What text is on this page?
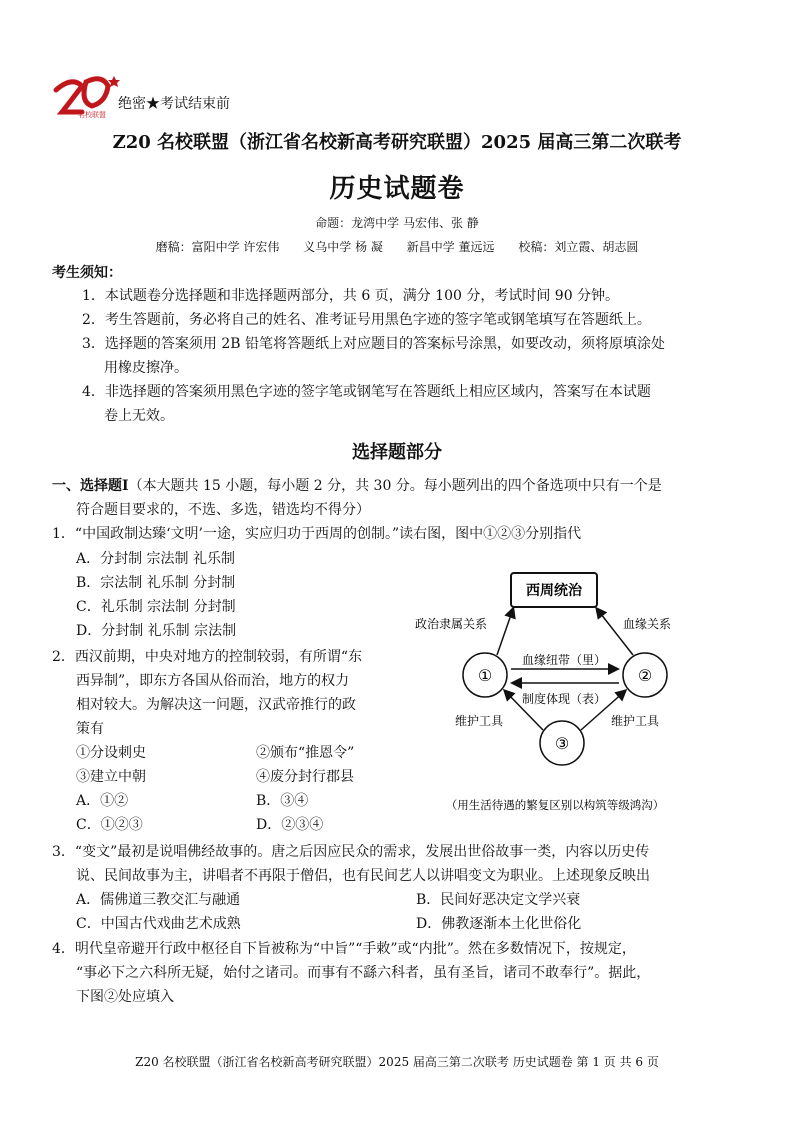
名校联盟
绝密★考试结束前
Z20 名校联盟（浙江省名校新高考研究联盟）2025 届高三第二次联考
历史试题卷
命题：龙湾中学 马宏伟、张 静
磨稿：富阳中学 许宏伟 义乌中学 杨 凝 新昌中学 董远远 校稿：刘立霞、胡志圆
考生须知：
1．本试题卷分选择题和非选择题两部分，共 6 页，满分 100 分，考试时间 90 分钟。
2．考生答题前，务必将自己的姓名、准考证号用黑色字迹的签字笔或钢笔填写在答题纸上。
3．选择题的答案须用 2B 铅笔将答题纸上对应题目的答案标号涂黑，如要改动，须将原填涂处
用橡皮擦净。
4．非选择题的答案须用黑色字迹的签字笔或钢笔写在答题纸上相应区域内，答案写在本试题
卷上无效。
选择题部分
一、选择题Ⅰ（本大题共 15 小题，每小题 2 分，共 30 分。每小题列出的四个备选项中只有一个是
符合题目要求的，不选、多选，错选均不得分）
1．“中国政制达臻‘文明’一途，实应归功于西周的创制。”读右图，图中①②③分别指代
A．分封制 宗法制 礼乐制
B．宗法制 礼乐制 分封制
C．礼乐制 宗法制 分封制
D．分封制 礼乐制 宗法制
2．西汉前期，中央对地方的控制较弱，有所谓“东
西异制”，即东方各国从俗而治，地方的权力
相对较大。为解决这一问题，汉武帝推行的政
策有
①分设刺史	②颁布“推恩令”
③建立中朝	④废分封行郡县
A．①②	B．③④
C．①②③	D．②③④
西周统治
①	②
③
政治隶属关系	血缘关系
血缘纽带（里）
制度体现（表）
维护工具	维护工具
（用生活待遇的繁复区别以构筑等级鸿沟）
3．“变文”最初是说唱佛经故事的。唐之后因应民众的需求，发展出世俗故事一类，内容以历史传
说、民间故事为主，讲唱者不再限于僧侣，也有民间艺人以讲唱变文为职业。上述现象反映出
A．儒佛道三教交汇与融通	B．民间好恶决定文学兴衰
C．中国古代戏曲艺术成熟	D．佛教逐渐本土化世俗化
4．明代皇帝避开行政中枢径自下旨被称为“中旨”“手敕”或“内批”。然在多数情况下，按规定，
“事必下之六科所无疑，始付之诸司。而事有不繇六科者，虽有圣旨，诸司不敢奉行”。据此，
下图②处应填入
Z20 名校联盟（浙江省名校新高考研究联盟）2025 届高三第二次联考 历史试题卷 第 1 页 共 6 页
